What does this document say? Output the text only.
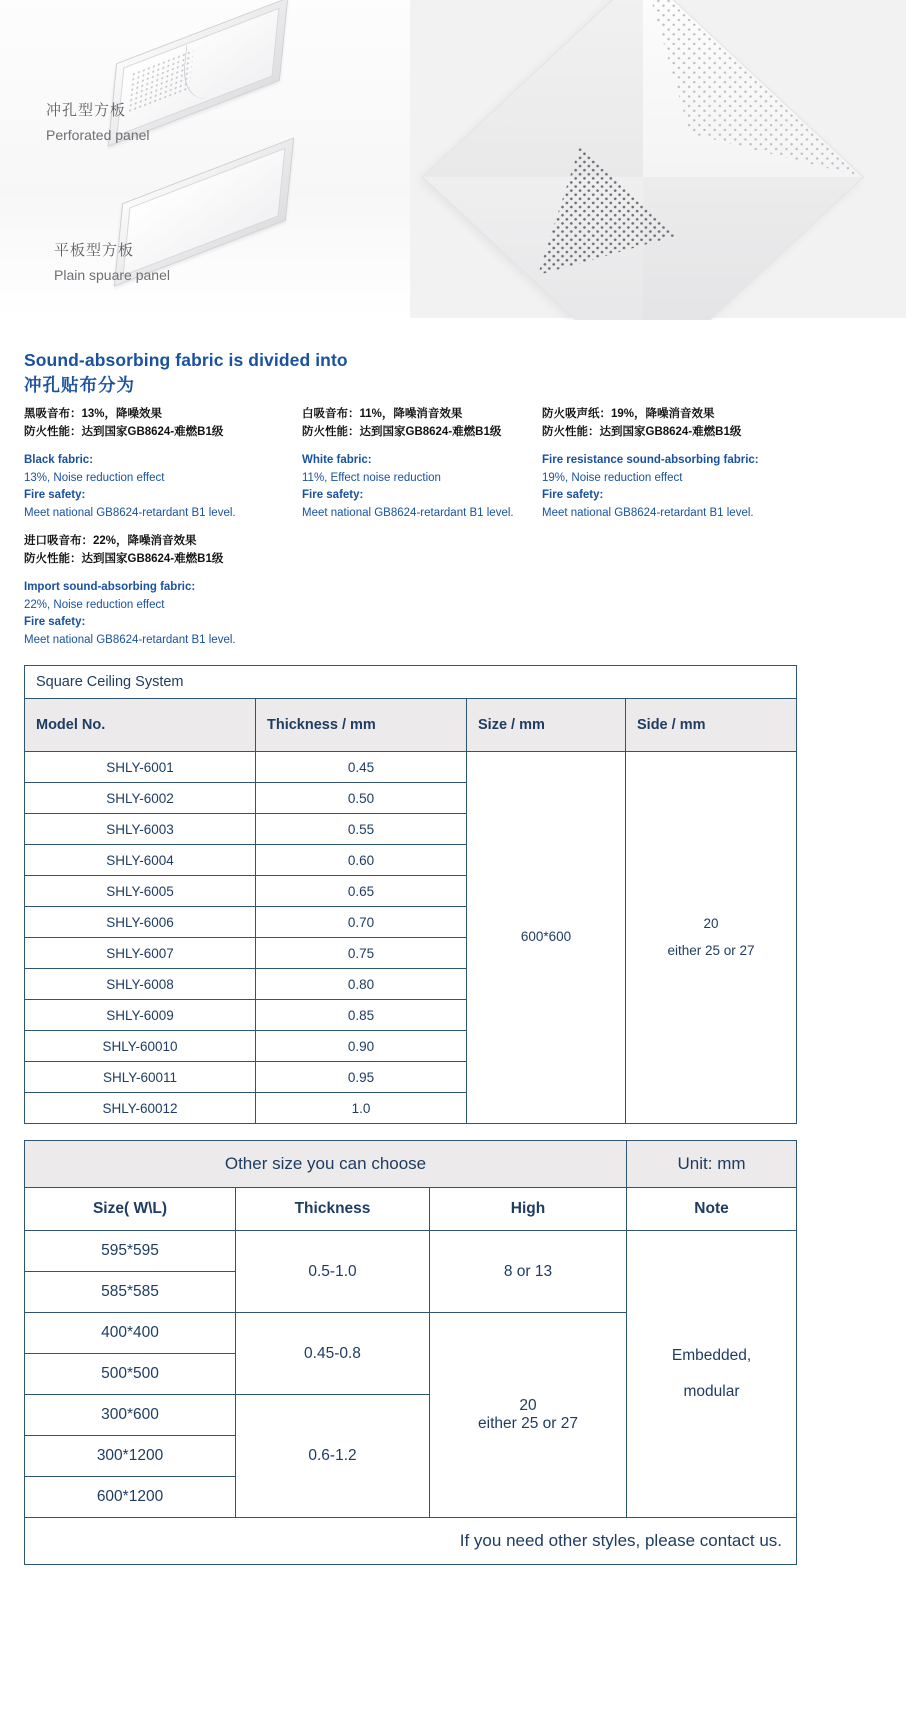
冲孔型方板
Perforated panel
平板型方板
Plain spuare panel
Sound-absorbing fabric is divided into
冲孔贴布分为
黑吸音布：13%，降噪效果
防火性能：达到国家GB8624-难燃B1级
Black fabric:
13%, Noise reduction effect
Fire safety:
Meet national GB8624-retardant B1 level.
白吸音布：11%，降噪消音效果
防火性能：达到国家GB8624-难燃B1级
White fabric:
11%, Effect noise reduction
Fire safety:
Meet national GB8624-retardant B1 level.
防火吸声纸：19%，降噪消音效果
防火性能：达到国家GB8624-难燃B1级
Fire resistance sound-absorbing fabric:
19%, Noise reduction effect
Fire safety:
Meet national GB8624-retardant B1 level.
进口吸音布：22%，降噪消音效果
防火性能：达到国家GB8624-难燃B1级
Import sound-absorbing fabric:
22%, Noise reduction effect
Fire safety:
Meet national GB8624-retardant B1 level.
Square Ceiling System			
Model No.	Thickness / mm	Size / mm	Side / mm
SHLY-6001	0.45	600*600	20
either 25 or 27
SHLY-6002	0.50		
SHLY-6003	0.55		
SHLY-6004	0.60		
SHLY-6005	0.65		
SHLY-6006	0.70		
SHLY-6007	0.75		
SHLY-6008	0.80		
SHLY-6009	0.85		
SHLY-60010	0.90		
SHLY-60011	0.95		
SHLY-60012	1.0		
Other size you can choose			Unit: mm
Size( W\L)	Thickness	High	Note
595*595	0.5-1.0	8 or 13	Embedded,
modular
585*585			
400*400	0.45-0.8	20
either 25 or 27	
500*500			
300*600	0.6-1.2		
300*1200			
600*1200			
If you need other styles, please contact us.			
